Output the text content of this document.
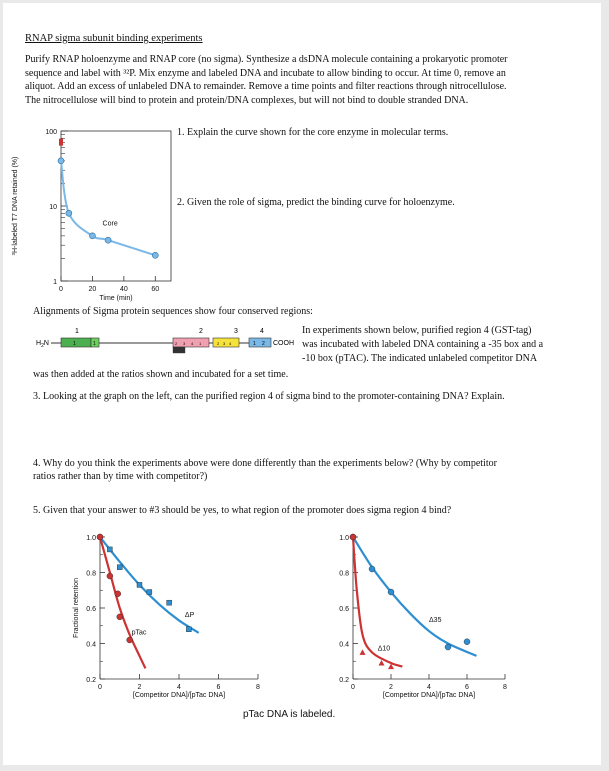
RNAP sigma subunit binding experiments
Purify RNAP holoenzyme and RNAP core (no sigma). Synthesize a dsDNA molecule containing a prokaryotic promoter
sequence and label with ³²P. Mix enzyme and labeled DNA and incubate to allow binding to occur. At time 0, remove an
aliquot. Add an excess of unlabeled DNA to remainder. Remove a time points and filter reactions through nitrocellulose.
The nitrocellulose will bind to protein and protein/DNA complexes, but will not bind to double stranded DNA.
1
10
100
0	20	40	60
Time (min)
³H-labeled T7 DNA retained (%)	Core
1. Explain the curve shown for the core enzyme in molecular terms.
2. Given the role of sigma, predict the binding curve for holoenzyme.
Alignments of Sigma protein sequences show four conserved regions:
1	2	3	4
$H_2N$	1	1	2 3 4 1	2 3 4	1 2 COOH
In experiments shown below, purified region 4 (GST-tag)
was incubated with labeled DNA containing a -35 box and a
-10 box (pTAC). The indicated unlabeled competitor DNA
was then added at the ratios shown and incubated for a set time.
3. Looking at the graph on the left, can the purified region 4 of sigma bind to the promoter-containing DNA? Explain.
4. Why do you think the experiments above were done differently than the experiments below? (Why by competitor
ratios rather than by time with competitor?)
5. Given that your answer to #3 should be yes, to what region of the promoter does sigma region 4 bind?
0.2
0.4
0.6
0.8
1.0
0	2	4	6	8
[Competitor DNA]/[pTac DNA]
Fractional retention	ΔP
pTac
0.2
0.4
0.6
0.8
1.0
0	2	4	6	8
[Competitor DNA]/[pTac DNA]
Δ35
Δ10
pTac DNA is labeled.
